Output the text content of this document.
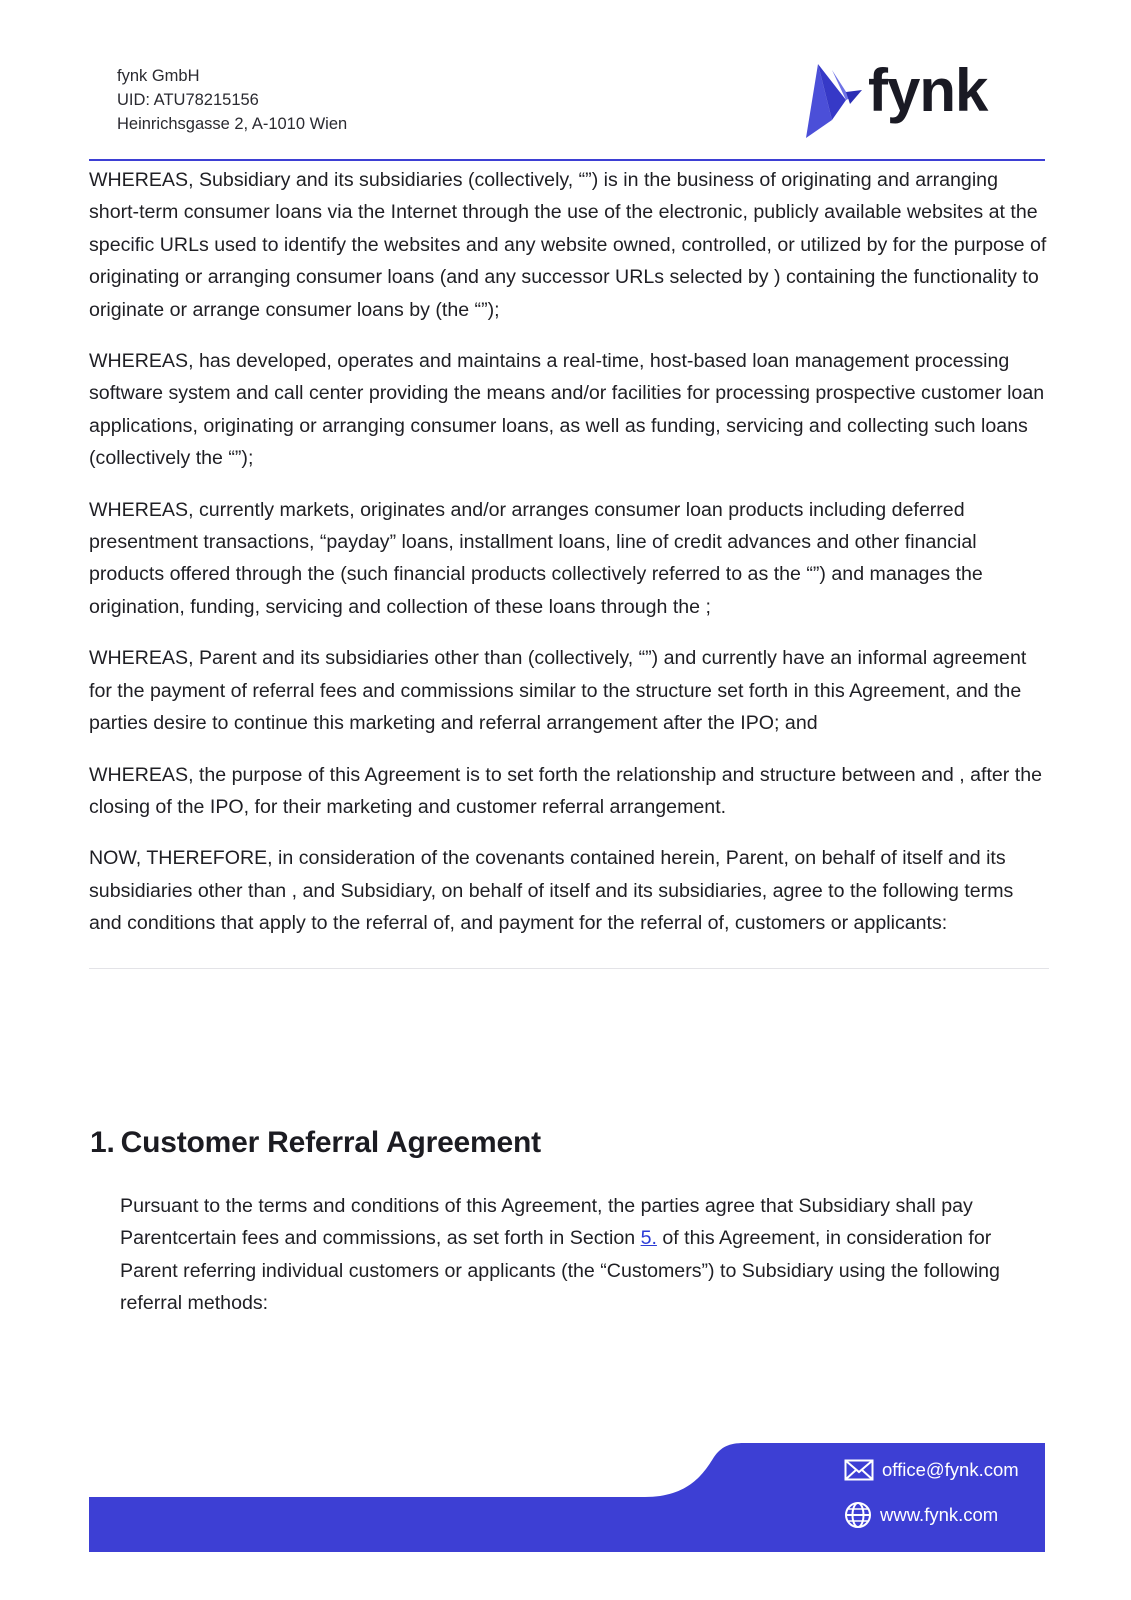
fynk GmbH
UID: ATU78215156
Heinrichsgasse 2, A-1010 Wien	fynk

WHEREAS, Subsidiary and its subsidiaries (collectively, “”) is in the business of originating and arranging short-term consumer loans via the Internet through the use of the electronic, publicly available websites at the specific URLs used to identify the websites and any website owned, controlled, or utilized by for the purpose of originating or arranging consumer loans (and any successor URLs selected by ) containing the functionality to originate or arrange consumer loans by (the “”);

WHEREAS, has developed, operates and maintains a real-time, host-based loan management processing software system and call center providing the means and/or facilities for processing prospective customer loan applications, originating or arranging consumer loans, as well as funding, servicing and collecting such loans (collectively the “”);

WHEREAS, currently markets, originates and/or arranges consumer loan products including deferred presentment transactions, “payday” loans, installment loans, line of credit advances and other financial products offered through the (such financial products collectively referred to as the “”) and manages the origination, funding, servicing and collection of these loans through the ;

WHEREAS, Parent and its subsidiaries other than (collectively, “”) and currently have an informal agreement for the payment of referral fees and commissions similar to the structure set forth in this Agreement, and the parties desire to continue this marketing and referral arrangement after the IPO; and

WHEREAS, the purpose of this Agreement is to set forth the relationship and structure between and , after the closing of the IPO, for their marketing and customer referral arrangement.

NOW, THEREFORE, in consideration of the covenants contained herein, Parent, on behalf of itself and its subsidiaries other than , and Subsidiary, on behalf of itself and its subsidiaries, agree to the following terms and conditions that apply to the referral of, and payment for the referral of, customers or applicants:

1. Customer Referral Agreement
Pursuant to the terms and conditions of this Agreement, the parties agree that Subsidiary shall pay Parentcertain fees and commissions, as set forth in Section 5. of this Agreement, in consideration for Parent referring individual customers or applicants (the “Customers”) to Subsidiary using the following referral methods:
office@fynk.com
www.fynk.com
